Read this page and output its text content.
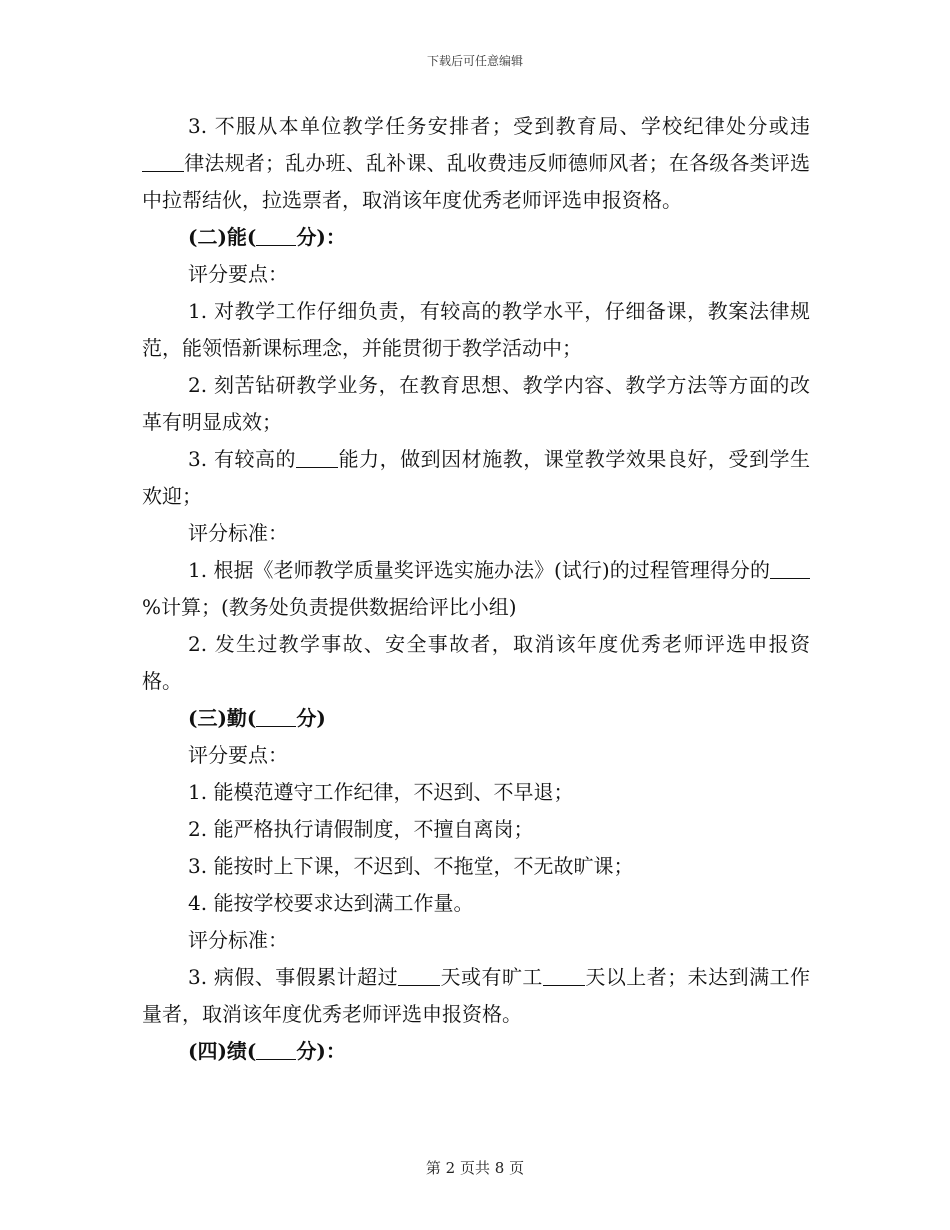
下载后可任意编辑

3. 不服从本单位教学任务安排者；受到教育局、学校纪律处分或违律法规者；乱办班、乱补课、乱收费违反师德师风者；在各级各类评选中拉帮结伙，拉选票者，取消该年度优秀老师评选申报资格。

(二)能( 分)：

评分要点：

1. 对教学工作仔细负责，有较高的教学水平，仔细备课，教案法律规范，能领悟新课标理念，并能贯彻于教学活动中；

2. 刻苦钻研教学业务，在教育思想、教学内容、教学方法等方面的改革有明显成效；

3. 有较高的 能力，做到因材施教，课堂教学效果良好，受到学生欢迎；

评分标准：

1. 根据《老师教学质量奖评选实施办法》(试行)的过程管理得分的%计算；(教务处负责提供数据给评比小组)

2. 发生过教学事故、安全事故者，取消该年度优秀老师评选申报资格。

(三)勤( 分)

评分要点：

1. 能模范遵守工作纪律，不迟到、不早退；

2. 能严格执行请假制度，不擅自离岗；

3. 能按时上下课，不迟到、不拖堂，不无故旷课；

4. 能按学校要求达到满工作量。

评分标准：

3. 病假、事假累计超过 天或有旷工 天以上者；未达到满工作量者，取消该年度优秀老师评选申报资格。

(四)绩( 分)：

第 2 页共 8 页
